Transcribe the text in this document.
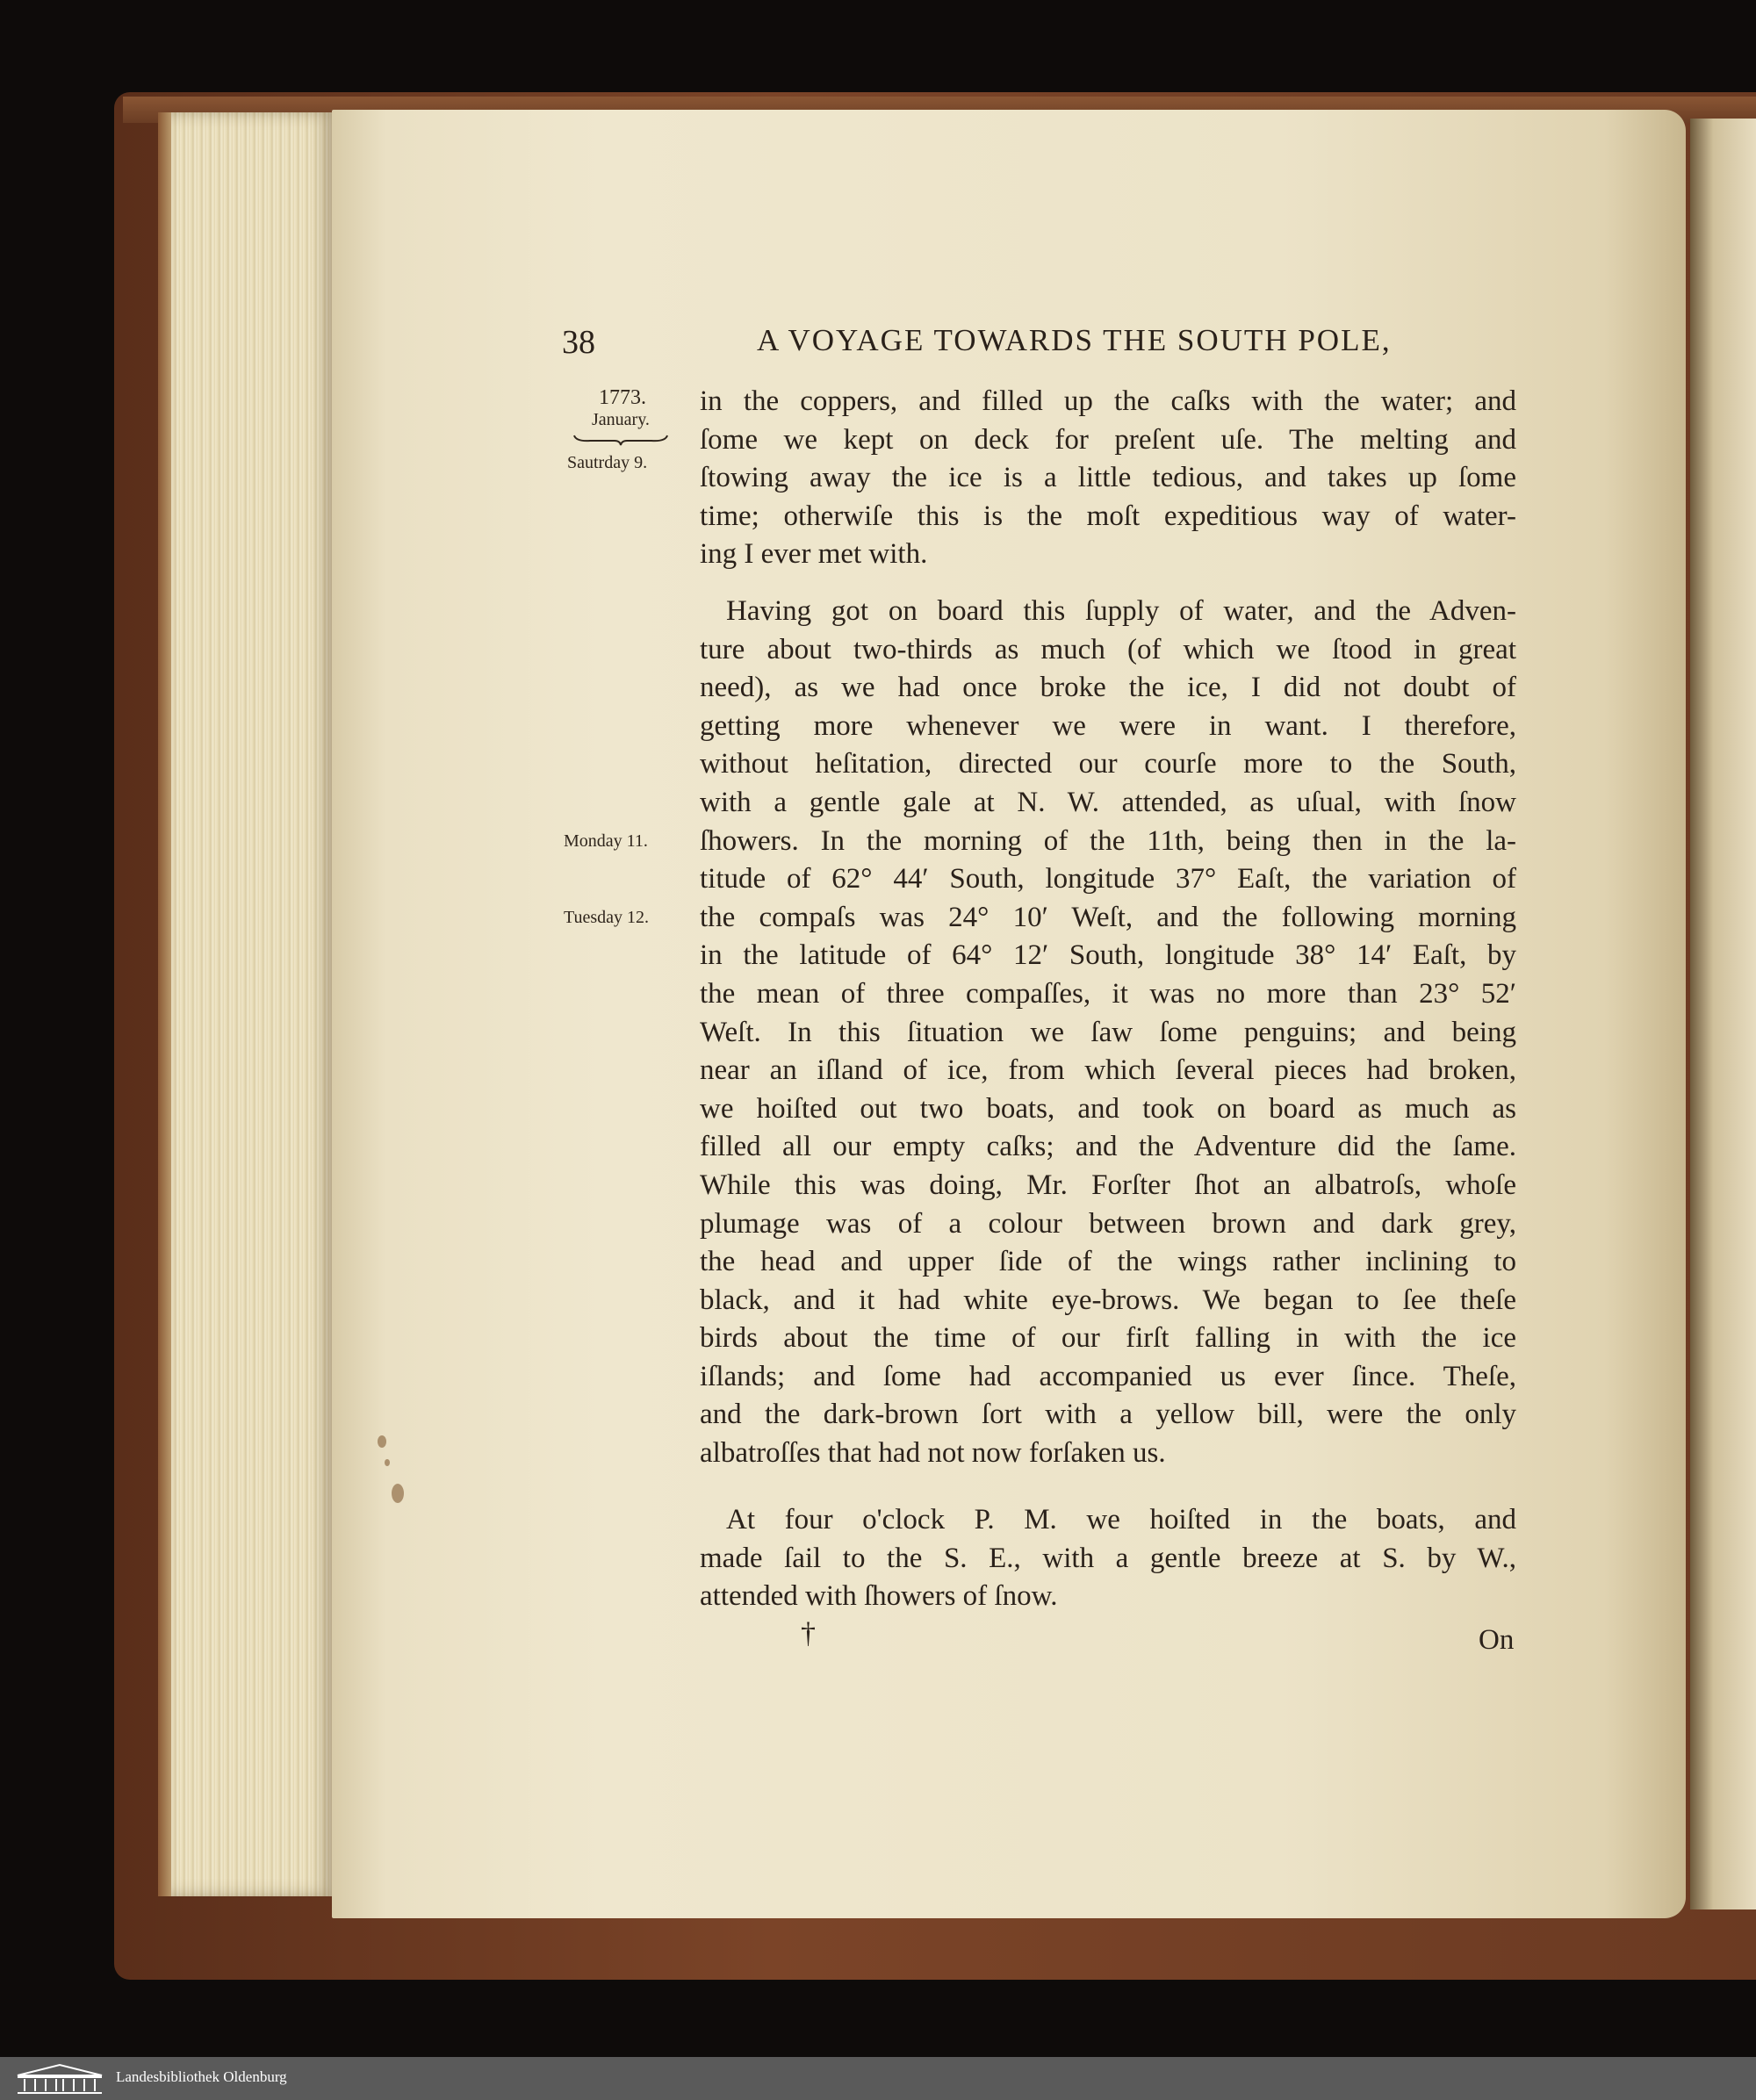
38	A VOYAGE TOWARDS THE SOUTH POLE,
1773.
January.
Sautrday 9.
Monday 11.
Tuesday 12.
in the coppers, and filled up the caſks with the water; and
ſome we kept on deck for preſent uſe. The melting and
ſtowing away the ice is a little tedious, and takes up ſome
time; otherwiſe this is the moſt expeditious way of water-
ing I ever met with.
Having got on board this ſupply of water, and the Adven-
ture about two-thirds as much (of which we ſtood in great
need), as we had once broke the ice, I did not doubt of
getting more whenever we were in want. I therefore,
without heſitation, directed our courſe more to the South,
with a gentle gale at N. W. attended, as uſual, with ſnow
ſhowers. In the morning of the 11th, being then in the la-
titude of 62° 44′ South, longitude 37° Eaſt, the variation of
the compaſs was 24° 10′ Weſt, and the following morning
in the latitude of 64° 12′ South, longitude 38° 14′ Eaſt, by
the mean of three compaſſes, it was no more than 23° 52′
Weſt. In this ſituation we ſaw ſome penguins; and being
near an iſland of ice, from which ſeveral pieces had broken,
we hoiſted out two boats, and took on board as much as
filled all our empty caſks; and the Adventure did the ſame.
While this was doing, Mr. Forſter ſhot an albatroſs, whoſe
plumage was of a colour between brown and dark grey,
the head and upper ſide of the wings rather inclining to
black, and it had white eye-brows. We began to ſee theſe
birds about the time of our firſt falling in with the ice
iſlands; and ſome had accompanied us ever ſince. Theſe,
and the dark-brown ſort with a yellow bill, were the only
albatroſſes that had not now forſaken us.
At four o'clock P. M. we hoiſted in the boats, and
made ſail to the S. E., with a gentle breeze at S. by W.,
attended with ſhowers of ſnow.
†	On
Landesbibliothek Oldenburg
